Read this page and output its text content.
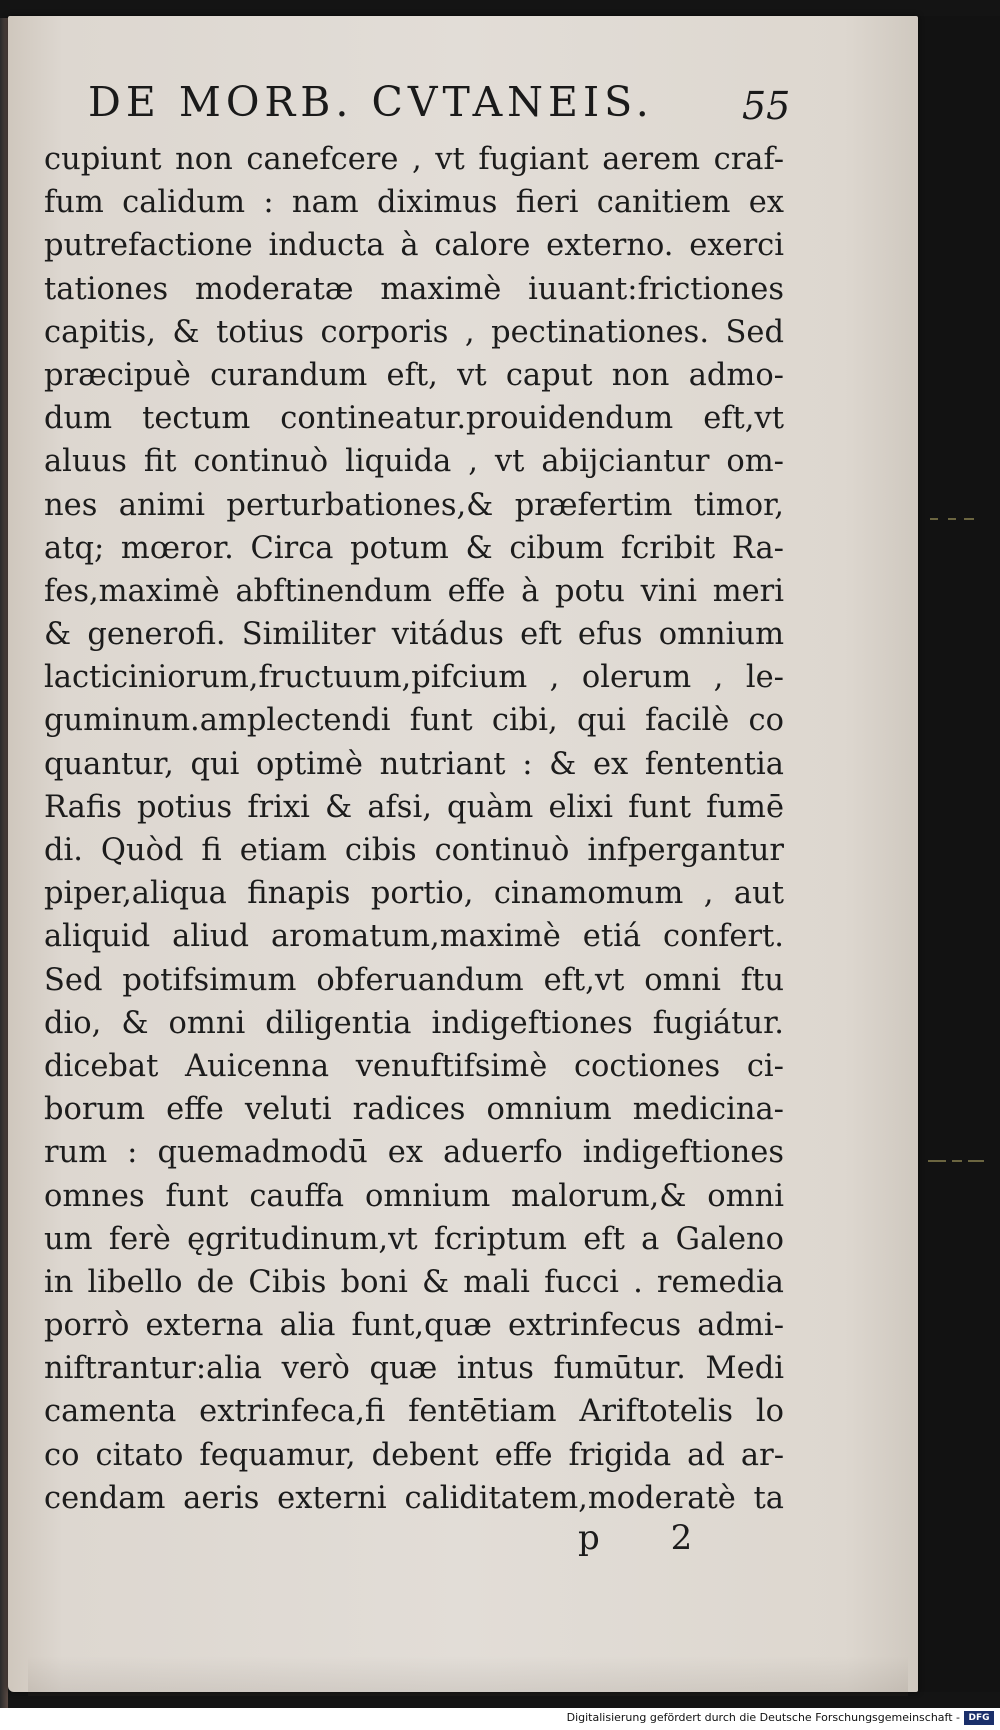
DE MORB. CVTANEIS.	55
cupiunt non canefcere , vt fugiant aerem craf-
fum calidum : nam diximus fieri canitiem ex
putrefactione inducta à calore externo. exerci
tationes moderatæ maximè iuuant:frictiones
capitis, & totius corporis , pectinationes. Sed
præcipuè curandum eft, vt caput non admo-
dum tectum contineatur.prouidendum eft,vt
aluus fit continuò liquida , vt abijciantur om-
nes animi perturbationes,& præfertim timor,
atq; mœror. Circa potum & cibum fcribit Ra-
fes,maximè abftinendum effe à potu vini meri
& generofi. Similiter vitádus eft efus omnium
lacticiniorum,fructuum,pifcium , olerum , le-
guminum.amplectendi funt cibi, qui facilè co
quantur, qui optimè nutriant : & ex fententia
Rafis potius frixi & afsi, quàm elixi funt fumē
di. Quòd fi etiam cibis continuò infpergantur
piper,aliqua finapis portio, cinamomum , aut
aliquid aliud aromatum,maximè etiá confert.
Sed potifsimum obferuandum eft,vt omni ftu
dio, & omni diligentia indigeftiones fugiátur.
dicebat Auicenna venuftifsimè coctiones ci-
borum effe veluti radices omnium medicina-
rum : quemadmodū ex aduerfo indigeftiones
omnes funt cauffa omnium malorum,& omni
um ferè ęgritudinum,vt fcriptum eft a Galeno
in libello de Cibis boni & mali fucci . remedia
porrò externa alia funt,quæ extrinfecus admi-
niftrantur:alia verò quæ intus fumūtur. Medi
camenta extrinfeca,fi fentētiam Ariftotelis lo
co citato fequamur, debent effe frigida ad ar-
cendam aeris externi caliditatem,moderatè ta
p 2
Digitalisierung gefördert durch die Deutsche Forschungsgemeinschaft - DFG
